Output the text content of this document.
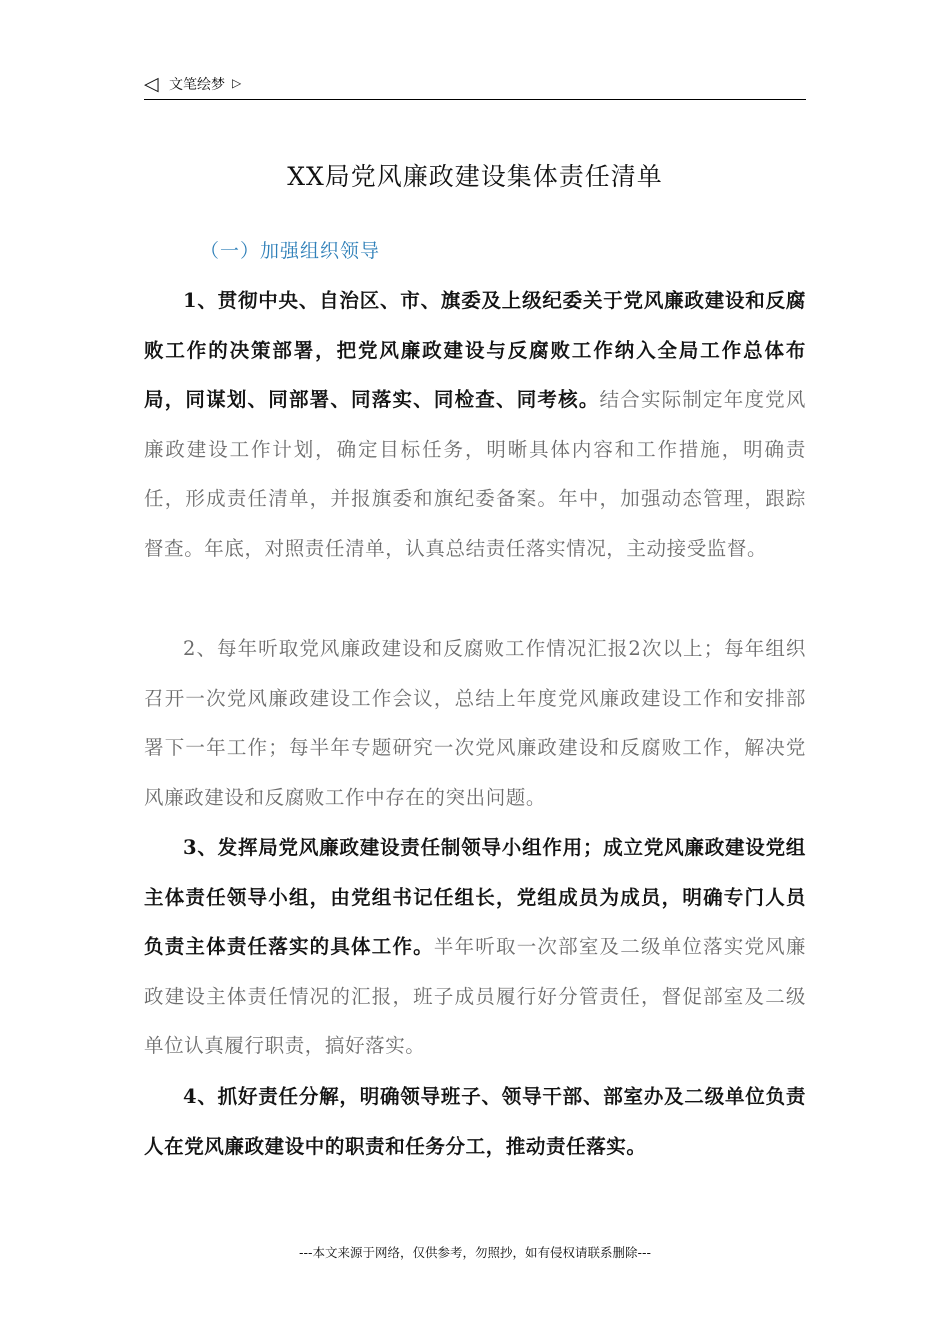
◁ 文笔绘梦 ▷
XX局党风廉政建设集体责任清单
（一）加强组织领导

1、贯彻中央、自治区、市、旗委及上级纪委关于党风廉政建设和反腐败工作的决策部署，把党风廉政建设与反腐败工作纳入全局工作总体布局，同谋划、同部署、同落实、同检查、同考核。结合实际制定年度党风廉政建设工作计划，确定目标任务，明晰具体内容和工作措施，明确责任，形成责任清单，并报旗委和旗纪委备案。年中，加强动态管理，跟踪督查。年底，对照责任清单，认真总结责任落实情况，主动接受监督。

2、每年听取党风廉政建设和反腐败工作情况汇报2次以上；每年组织召开一次党风廉政建设工作会议，总结上年度党风廉政建设工作和安排部署下一年工作；每半年专题研究一次党风廉政建设和反腐败工作，解决党风廉政建设和反腐败工作中存在的突出问题。

3、发挥局党风廉政建设责任制领导小组作用；成立党风廉政建设党组主体责任领导小组，由党组书记任组长，党组成员为成员，明确专门人员负责主体责任落实的具体工作。半年听取一次部室及二级单位落实党风廉政建设主体责任情况的汇报，班子成员履行好分管责任，督促部室及二级单位认真履行职责，搞好落实。

4、抓好责任分解，明确领导班子、领导干部、部室办及二级单位负责人在党风廉政建设中的职责和任务分工，推动责任落实。

---本文来源于网络，仅供参考，勿照抄，如有侵权请联系删除---
